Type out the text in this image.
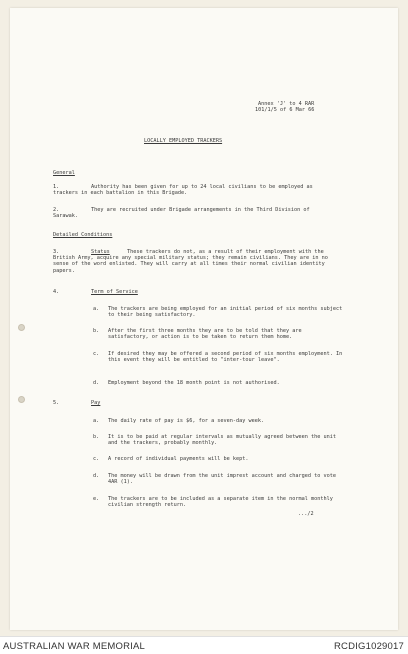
Annex 'J' to 4 RAR
101/1/5 of 6 Mar 66
LOCALLY EMPLOYED TRACKERS
General
1.	Authority has been given for up to 24 local civilians to be employed as trackers in each battalion in this Brigade.
2.	They are recruited under Brigade arrangements in the Third Division of Sarawak.
Detailed Conditions
3.	Status	These trackers do not, as a result of their employment with the British Army, acquire any special military status; they remain civilians. They are in no sense of the word enlisted. They will carry at all times their normal civilian identity papers.
4.	Term of Service
a. The trackers are being employed for an initial period of six months subject to their being satisfactory.
b. After the first three months they are to be told that they are satisfactory, or action is to be taken to return them home.
c. If desired they may be offered a second period of six months employment. In this event they will be entitled to "inter-tour leave".
d. Employment beyond the 18 month point is not authorised.
5.	Pay
a. The daily rate of pay is $6, for a seven-day week.
b. It is to be paid at regular intervals as mutually agreed between the unit and the trackers, probably monthly.
c. A record of individual payments will be kept.
d. The money will be drawn from the unit imprest account and charged to vote 4AR (1).
e. The trackers are to be included as a separate item in the normal monthly civilian strength return.
.../2
AUSTRALIAN WAR MEMORIAL	RCDIG1029017
